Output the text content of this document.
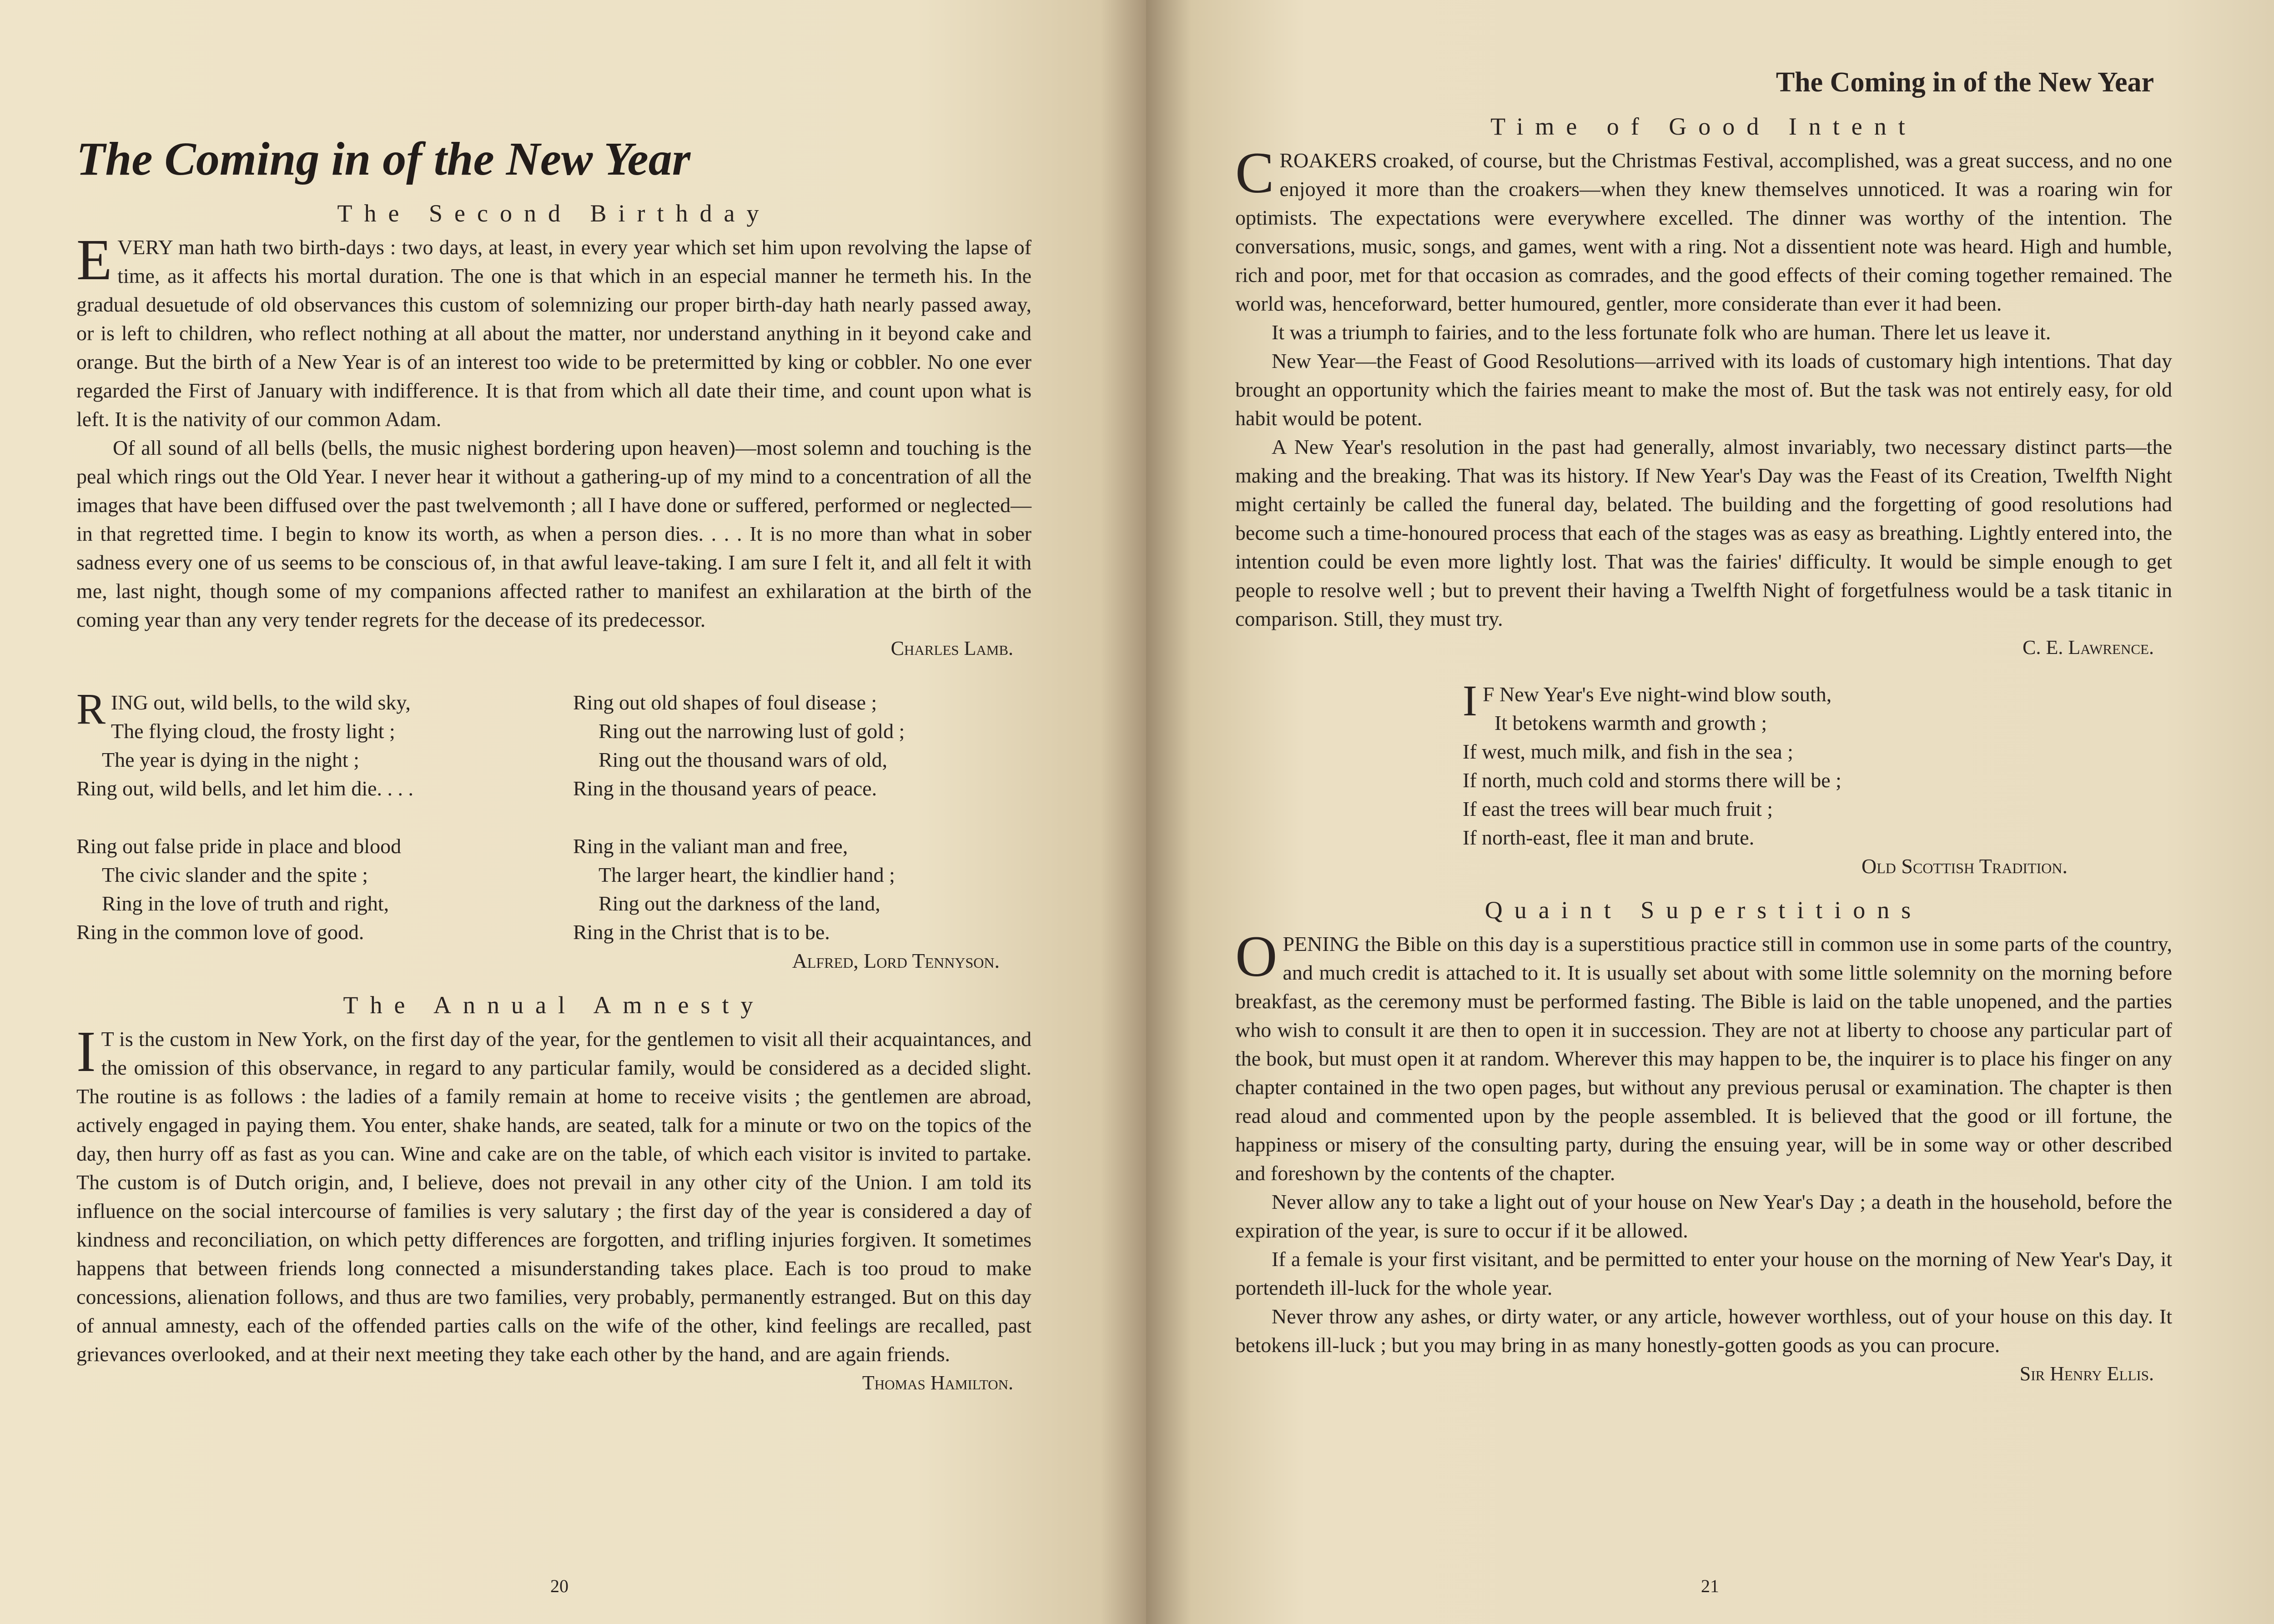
The Coming in of the New Year
The Second Birthday

EVERY man hath two birth-days : two days, at least, in every year which set him upon revolving the lapse of time, as it affects his mortal duration. The one is that which in an especial manner he termeth his. In the gradual desuetude of old observances this custom of solemnizing our proper birth-day hath nearly passed away, or is left to children, who reflect nothing at all about the matter, nor understand anything in it beyond cake and orange. But the birth of a New Year is of an interest too wide to be pretermitted by king or cobbler. No one ever regarded the First of January with indifference. It is that from which all date their time, and count upon what is left. It is the nativity of our common Adam.

Of all sound of all bells (bells, the music nighest bordering upon heaven)—most solemn and touching is the peal which rings out the Old Year. I never hear it without a gathering-up of my mind to a concentration of all the images that have been diffused over the past twelvemonth ; all I have done or suffered, performed or neglected—in that regretted time. I begin to know its worth, as when a person dies. . . . It is no more than what in sober sadness every one of us seems to be conscious of, in that awful leave-taking. I am sure I felt it, and all felt it with me, last night, though some of my companions affected rather to manifest an exhilaration at the birth of the coming year than any very tender regrets for the decease of its predecessor.

Charles Lamb.
RING out, wild bells, to the wild sky,
The flying cloud, the frosty light ;
The year is dying in the night ;
Ring out, wild bells, and let him die. . . .
Ring out false pride in place and blood
The civic slander and the spite ;
Ring in the love of truth and right,
Ring in the common love of good.
Ring out old shapes of foul disease ;
Ring out the narrowing lust of gold ;
Ring out the thousand wars of old,
Ring in the thousand years of peace.
Ring in the valiant man and free,
The larger heart, the kindlier hand ;
Ring out the darkness of the land,
Ring in the Christ that is to be.
Alfred, Lord Tennyson.
The Annual Amnesty

I T is the custom in New York, on the first day of the year, for the gentlemen to visit all their acquaintances, and the omission of this observance, in regard to any particular family, would be considered as a decided slight. The routine is as follows : the ladies of a family remain at home to receive visits ; the gentlemen are abroad, actively engaged in paying them. You enter, shake hands, are seated, talk for a minute or two on the topics of the day, then hurry off as fast as you can. Wine and cake are on the table, of which each visitor is invited to partake. The custom is of Dutch origin, and, I believe, does not prevail in any other city of the Union. I am told its influence on the social intercourse of families is very salutary ; the first day of the year is considered a day of kindness and reconciliation, on which petty differences are forgotten, and trifling injuries forgiven. It sometimes happens that between friends long connected a misunderstanding takes place. Each is too proud to make concessions, alienation follows, and thus are two families, very probably, permanently estranged. But on this day of annual amnesty, each of the offended parties calls on the wife of the other, kind feelings are recalled, past grievances overlooked, and at their next meeting they take each other by the hand, and are again friends.

Thomas Hamilton.
20
The Coming in of the New Year
Time of Good Intent

CROAKERS croaked, of course, but the Christmas Festival, accomplished, was a great success, and no one enjoyed it more than the croakers—when they knew themselves unnoticed. It was a roaring win for optimists. The expectations were everywhere excelled. The dinner was worthy of the intention. The conversations, music, songs, and games, went with a ring. Not a dissentient note was heard. High and humble, rich and poor, met for that occasion as comrades, and the good effects of their coming together remained. The world was, henceforward, better humoured, gentler, more considerate than ever it had been.

It was a triumph to fairies, and to the less fortunate folk who are human. There let us leave it.

New Year—the Feast of Good Resolutions—arrived with its loads of customary high intentions. That day brought an opportunity which the fairies meant to make the most of. But the task was not entirely easy, for old habit would be potent.

A New Year's resolution in the past had generally, almost invariably, two necessary distinct parts—the making and the breaking. That was its history. If New Year's Day was the Feast of its Creation, Twelfth Night might certainly be called the funeral day, belated. The building and the forgetting of good resolutions had become such a time-honoured process that each of the stages was as easy as breathing. Lightly entered into, the intention could be even more lightly lost. That was the fairies' difficulty. It would be simple enough to get people to resolve well ; but to prevent their having a Twelfth Night of forgetfulness would be a task titanic in comparison. Still, they must try.

C. E. Lawrence.
I F New Year's Eve night-wind blow south,
It betokens warmth and growth ;
If west, much milk, and fish in the sea ;
If north, much cold and storms there will be ;
If east the trees will bear much fruit ;
If north-east, flee it man and brute.
Old Scottish Tradition.
Quaint Superstitions

OPENING the Bible on this day is a superstitious practice still in common use in some parts of the country, and much credit is attached to it. It is usually set about with some little solemnity on the morning before breakfast, as the ceremony must be performed fasting. The Bible is laid on the table unopened, and the parties who wish to consult it are then to open it in succession. They are not at liberty to choose any particular part of the book, but must open it at random. Wherever this may happen to be, the inquirer is to place his finger on any chapter contained in the two open pages, but without any previous perusal or examination. The chapter is then read aloud and commented upon by the people assembled. It is believed that the good or ill fortune, the happiness or misery of the consulting party, during the ensuing year, will be in some way or other described and foreshown by the contents of the chapter.

Never allow any to take a light out of your house on New Year's Day ; a death in the household, before the expiration of the year, is sure to occur if it be allowed.

If a female is your first visitant, and be permitted to enter your house on the morning of New Year's Day, it portendeth ill-luck for the whole year.

Never throw any ashes, or dirty water, or any article, however worthless, out of your house on this day. It betokens ill-luck ; but you may bring in as many honestly-gotten goods as you can procure.

Sir Henry Ellis.
21
